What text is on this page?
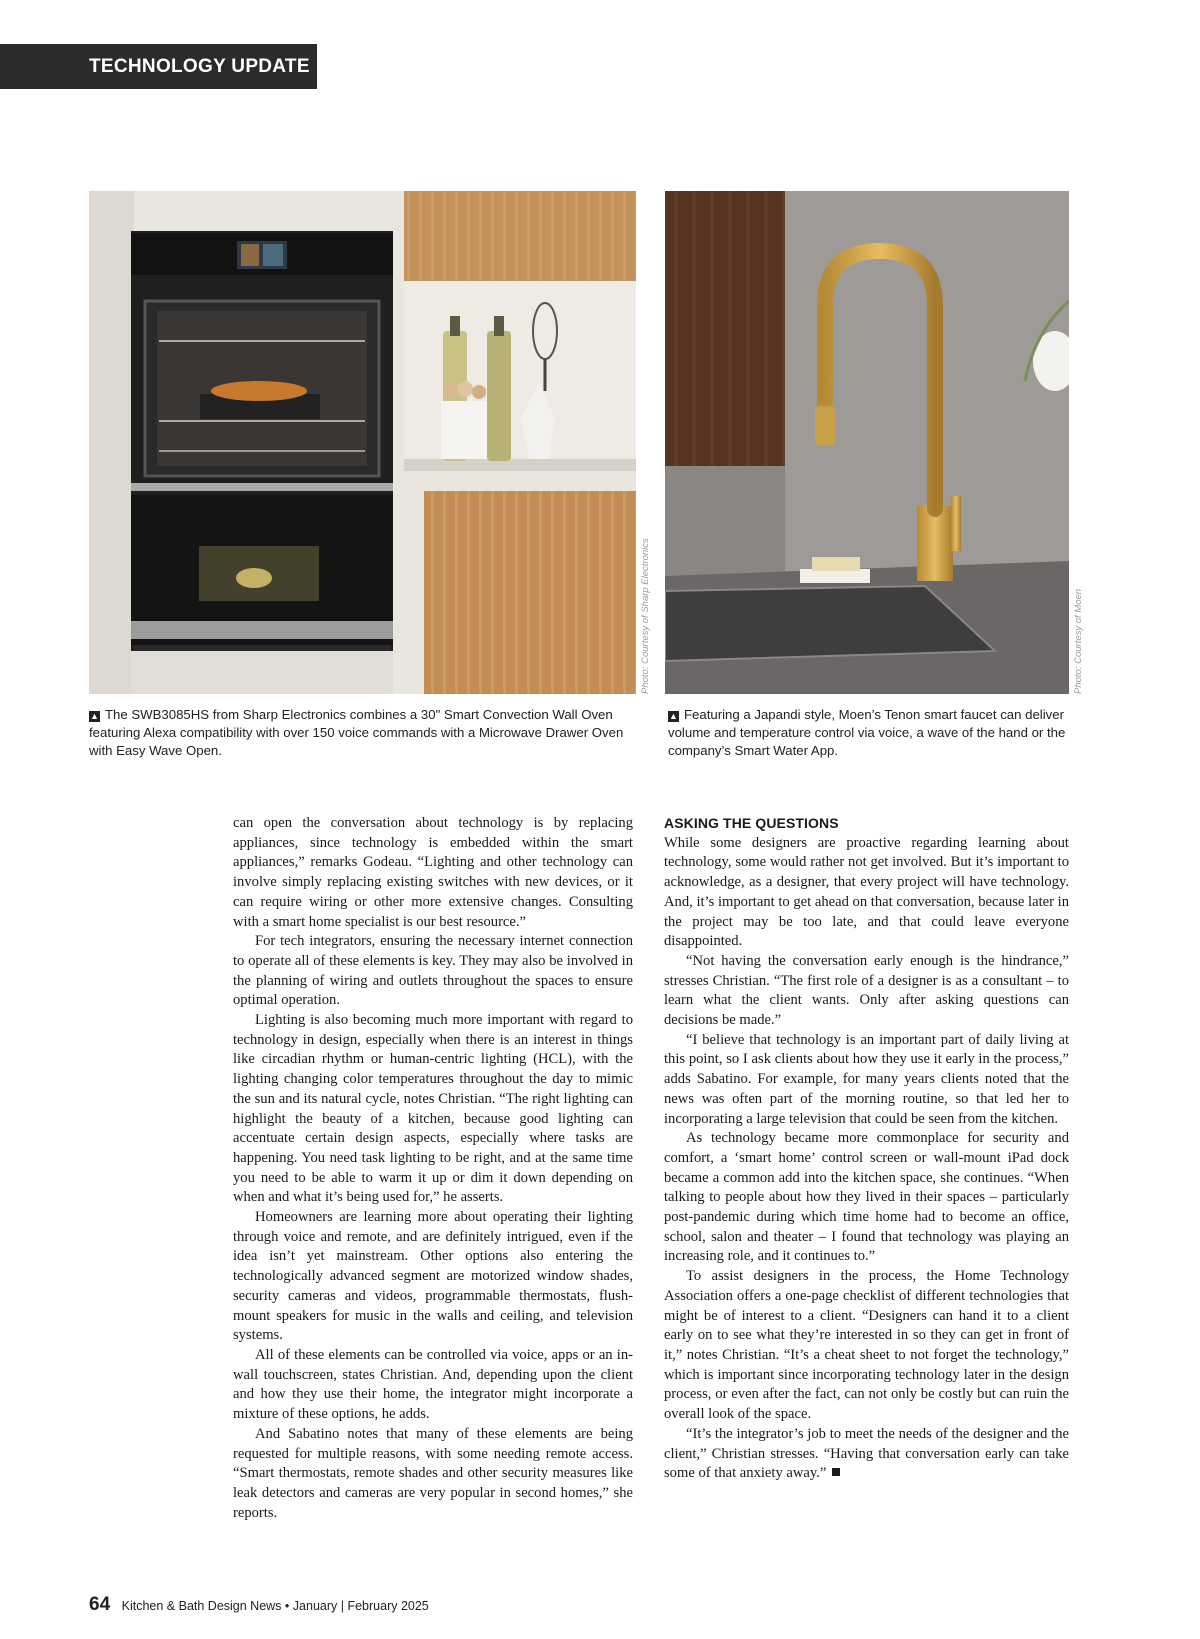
TECHNOLOGY UPDATE
Photo: Courtesy of Sharp Electronics	Photo: Courtesy of Moen
▲ The SWB3085HS from Sharp Electronics combines a 30" Smart Convection Wall Oven featuring Alexa compatibility with over 150 voice commands with a Microwave Drawer Oven with Easy Wave Open.
▲ Featuring a Japandi style, Moen’s Tenon smart faucet can deliver volume and temperature control via voice, a wave of the hand or the company’s Smart Water App.

can open the conversation about technology is by replacing appliances, since technology is embedded within the smart appliances,” remarks Godeau. “Lighting and other technology can involve simply replacing existing switches with new devices, or it can require wiring or other more extensive changes. Consulting with a smart home specialist is our best resource.”

For tech integrators, ensuring the necessary internet connection to operate all of these elements is key. They may also be involved in the planning of wiring and outlets throughout the spaces to ensure optimal operation.

Lighting is also becoming much more important with regard to technology in design, especially when there is an interest in things like circadian rhythm or human-centric lighting (HCL), with the lighting changing color temperatures throughout the day to mimic the sun and its natural cycle, notes Christian. “The right lighting can highlight the beauty of a kitchen, because good lighting can accentuate certain design aspects, especially where tasks are happening. You need task lighting to be right, and at the same time you need to be able to warm it up or dim it down depending on when and what it’s being used for,” he asserts.

Homeowners are learning more about operating their lighting through voice and remote, and are definitely intrigued, even if the idea isn’t yet mainstream. Other options also entering the technologically advanced segment are motorized window shades, security cameras and videos, programmable thermostats, flush-mount speakers for music in the walls and ceiling, and television systems.

All of these elements can be controlled via voice, apps or an in-wall touchscreen, states Christian. And, depending upon the client and how they use their home, the integrator might incorporate a mixture of these options, he adds.

And Sabatino notes that many of these elements are being requested for multiple reasons, with some needing remote access. “Smart thermostats, remote shades and other security measures like leak detectors and cameras are very popular in second homes,” she reports.

ASKING THE QUESTIONS

While some designers are proactive regarding learning about technology, some would rather not get involved. But it’s important to acknowledge, as a designer, that every project will have technology. And, it’s important to get ahead on that conversation, because later in the project may be too late, and that could leave everyone disappointed.

“Not having the conversation early enough is the hindrance,” stresses Christian. “The first role of a designer is as a consultant – to learn what the client wants. Only after asking questions can decisions be made.”

“I believe that technology is an important part of daily living at this point, so I ask clients about how they use it early in the process,” adds Sabatino. For example, for many years clients noted that the news was often part of the morning routine, so that led her to incorporating a large television that could be seen from the kitchen.

As technology became more commonplace for security and comfort, a ‘smart home’ control screen or wall-mount iPad dock became a common add into the kitchen space, she continues. “When talking to people about how they lived in their spaces – particularly post-pandemic during which time home had to become an office, school, salon and theater – I found that technology was playing an increasing role, and it continues to.”

To assist designers in the process, the Home Technology Association offers a one-page checklist of different technologies that might be of interest to a client. “Designers can hand it to a client early on to see what they’re interested in so they can get in front of it,” notes Christian. “It’s a cheat sheet to not forget the technology,” which is important since incorporating technology later in the design process, or even after the fact, can not only be costly but can ruin the overall look of the space.

“It’s the integrator’s job to meet the needs of the designer and the client,” Christian stresses. “Having that conversation early can take some of that anxiety away.”

64 Kitchen & Bath Design News • January | February 2025
